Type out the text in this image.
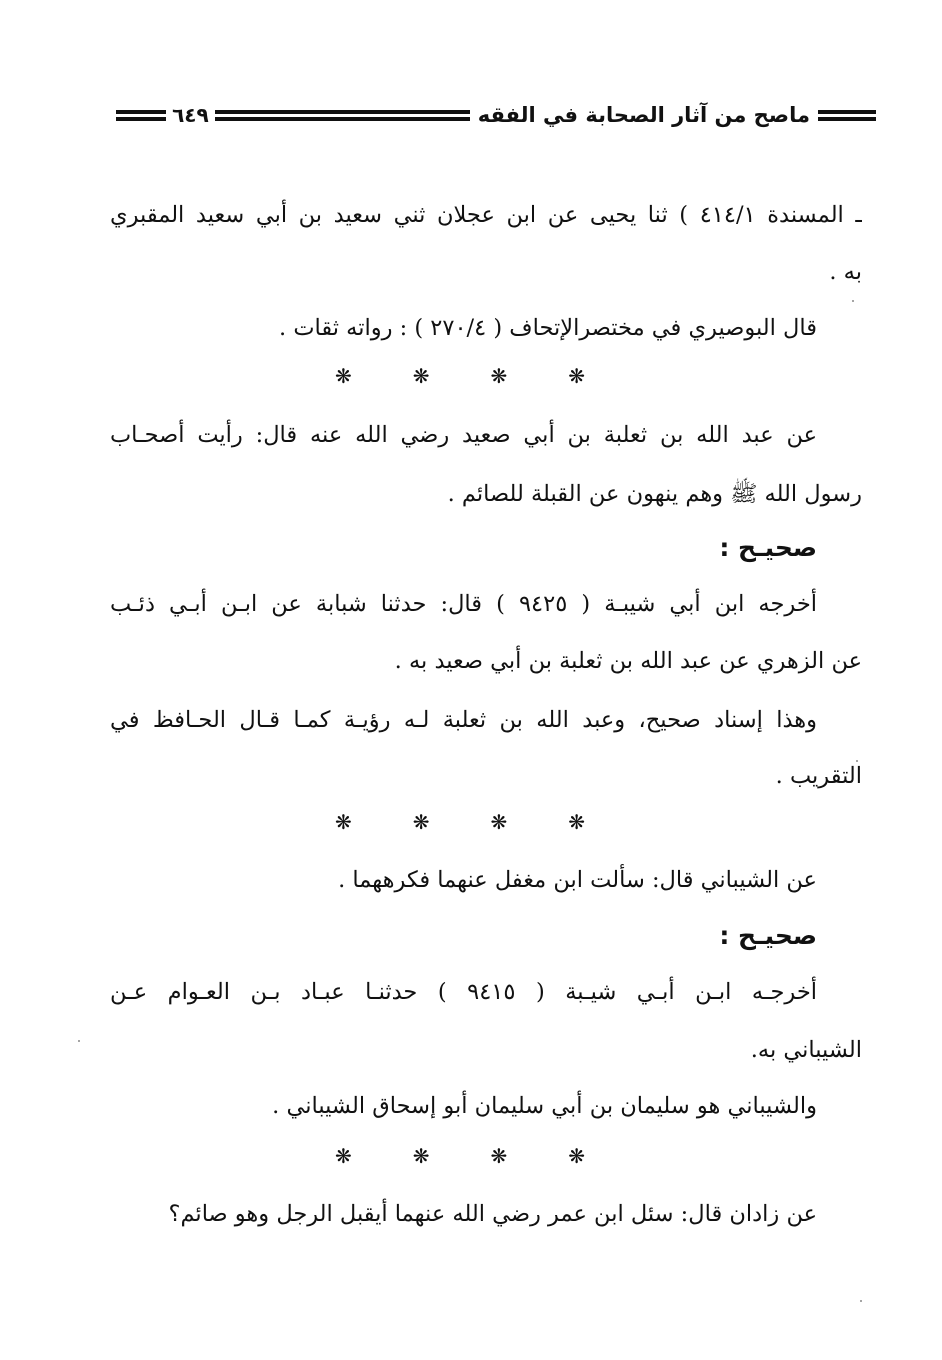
ماصح من آثار الصحابة في الفقه
٦٤٩
ـ المسندة ٤١٤/١ ) ثنا يحيى عن ابن عجلان ثني سعيد بن أبي سعيد المقبري
به .
قال البوصيري في مختصرالإتحاف ( ٢٧٠/٤ ) : رواته ثقات .
❋	❋	❋	❋
عن عبد الله بن ثعلبة بن أبي صعيد رضي الله عنه قال: رأيت أصحـاب
رسول الله ﷺ وهم ينهون عن القبلة للصائم .
صحيـح :
أخرجه ابن أبي شيبـة ( ٩٤٢٥ ) قال: حدثنا شبابة عن ابـن أبـي ذئـب
عن الزهري عن عبد الله بن ثعلبة بن أبي صعيد به .
وهذا إسناد صحيح، وعبد الله بن ثعلبة لـه رؤيـة كمـا قـال الحـافظ في
التقريب .
❋	❋	❋	❋
عن الشيباني قال: سألت ابن مغفل عنهما فكرههما .
صحيـح :
أخرجـه ابـن أبـي شيـبة ( ٩٤١٥ ) حدثنـا عبـاد بـن العـوام عـن
الشيباني به.
والشيباني هو سليمان بن أبي سليمان أبو إسحاق الشيباني .
❋	❋	❋	❋
عن زادان قال: سئل ابن عمر رضي الله عنهما أيقبل الرجل وهو صائم؟
